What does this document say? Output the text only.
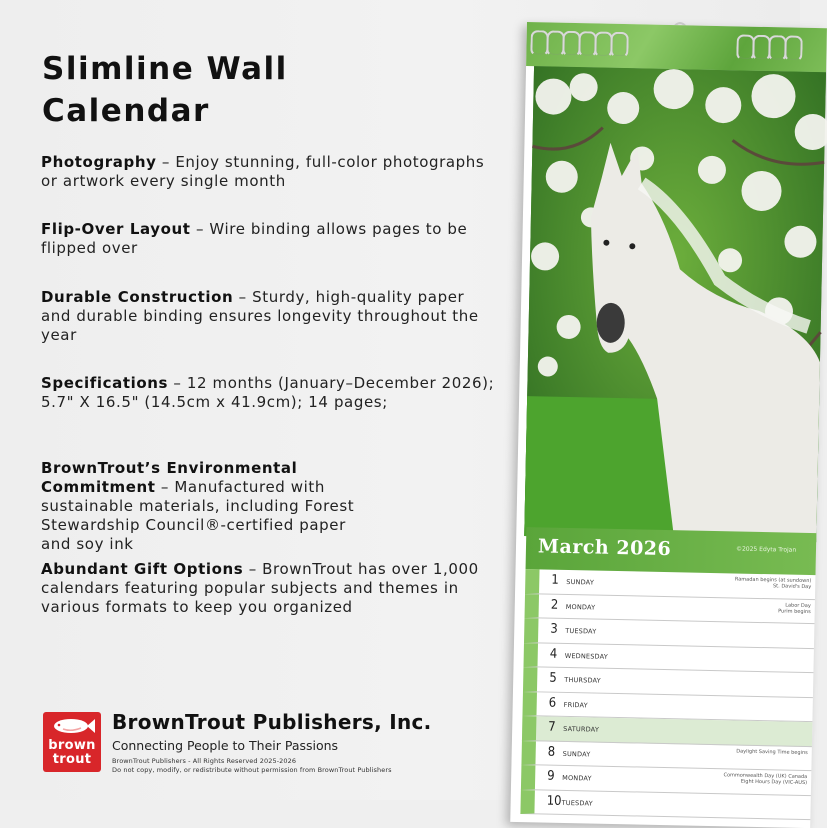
Slimline Wall Calendar
Photography – Enjoy stunning, full-color photographs or artwork every single month
Flip-Over Layout – Wire binding allows pages to be flipped over
Durable Construction – Sturdy, high-quality paper and durable binding ensures longevity throughout the year
Specifications – 12 months (January–December 2026); 5.7" X 16.5" (14.5cm x 41.9cm); 14 pages;
BrownTrout’s Environmental Commitment – Manufactured with sustainable materials, including Forest Stewardship Council®-certified paper and soy ink
Abundant Gift Options – BrownTrout has over 1,000 calendars featuring popular subjects and themes in various formats to keep you organized
brown
trout
BrownTrout Publishers, Inc.
Connecting People to Their Passions
BrownTrout Publishers - All Rights Reserved 2025-2026
Do not copy, modify, or redistribute without permission from BrownTrout Publishers
March 2026	©2025 Edyta Trojan
1 SUNDAY	Ramadan begins (at sundown)
St. David's Day
2 MONDAY	Labor Day
Purim begins
3 TUESDAY
4 WEDNESDAY
5 THURSDAY
6 FRIDAY
7 SATURDAY
8 SUNDAY	Daylight Saving Time begins
9 MONDAY	Commonwealth Day (UK) Canada
Eight Hours Day (VIC-AUS)
10 TUESDAY
